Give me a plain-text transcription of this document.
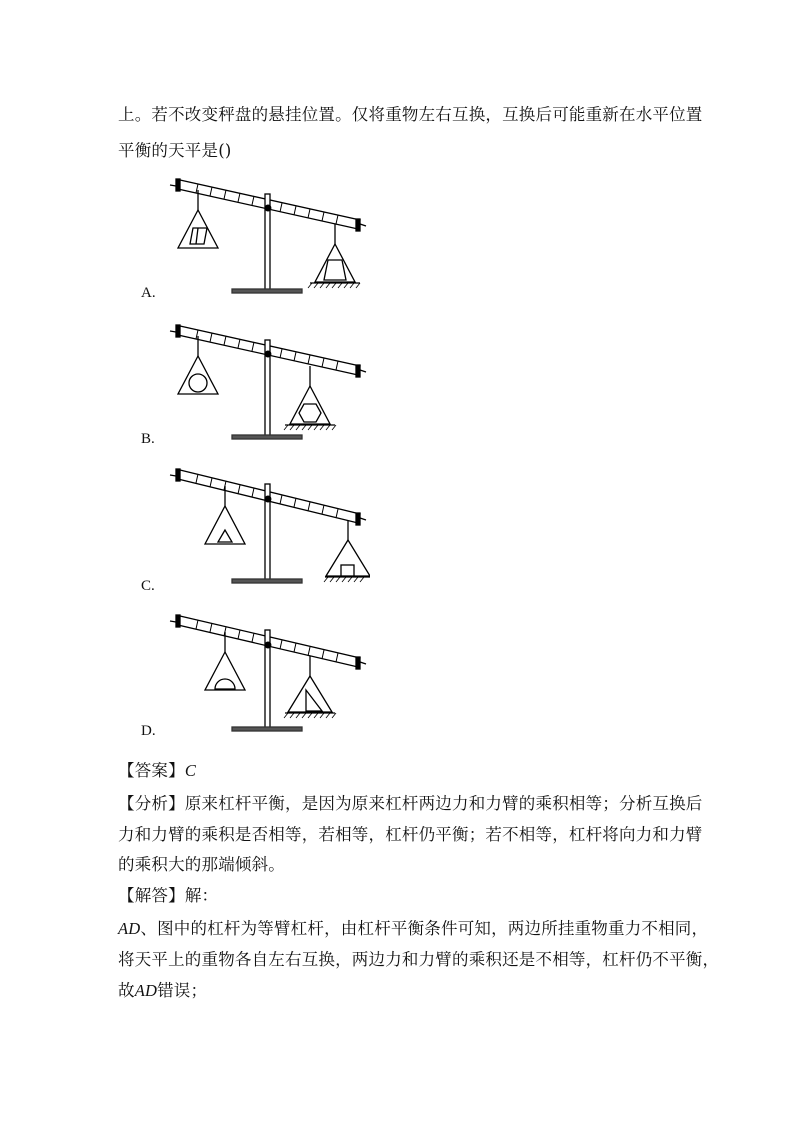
上。若不改变秤盘的悬挂位置。仅将重物左右互换，互换后可能重新在水平位置
平衡的天平是()
A.
B.
C.
D.
【答案】C
【分析】原来杠杆平衡，是因为原来杠杆两边力和力臂的乘积相等；分析互换后
力和力臂的乘积是否相等，若相等，杠杆仍平衡；若不相等，杠杆将向力和力臂
的乘积大的那端倾斜。
【解答】解：
AD、图中的杠杆为等臂杠杆，由杠杆平衡条件可知，两边所挂重物重力不相同，
将天平上的重物各自左右互换，两边力和力臂的乘积还是不相等，杠杆仍不平衡，
故AD错误；
